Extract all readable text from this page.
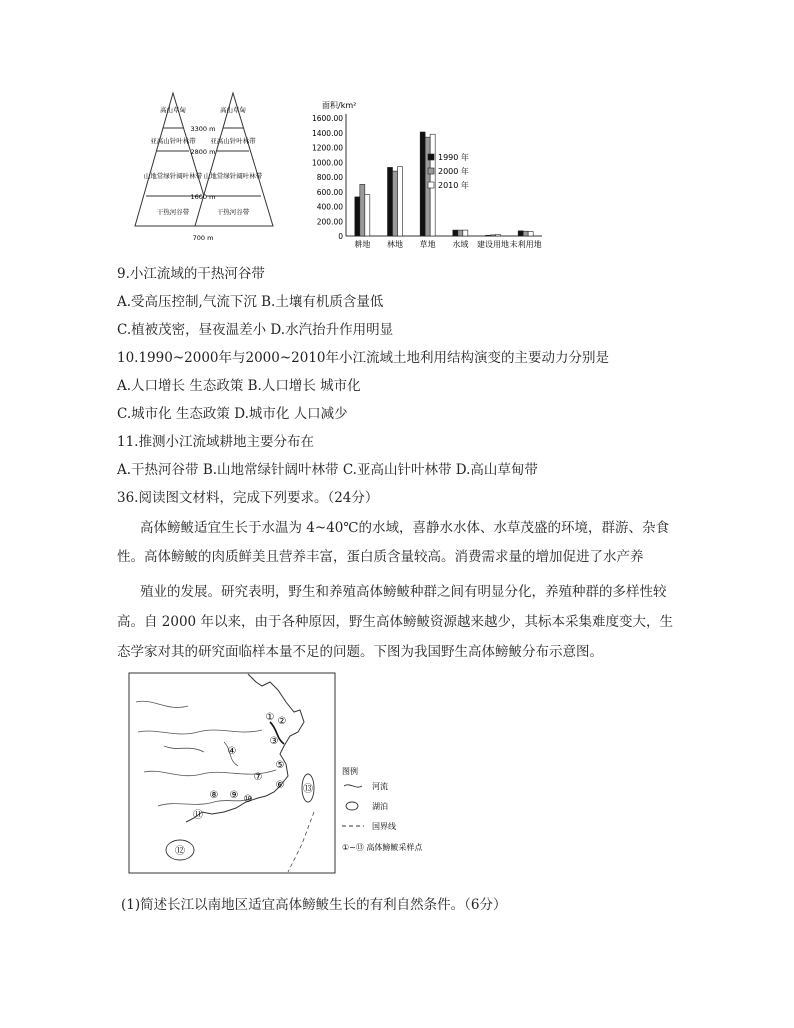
高山草甸
亚高山针叶林带
山地常绿针阔叶林带
干热河谷带
高山草甸
亚高山针叶林带
山地常绿针阔叶林带
干热河谷带
3300 m
2800 m
1600 m
700 m
面积/km²
0
200.00
400.00
600.00
800.00
1000.00
1200.00
1400.00
1600.00
耕地 林地 草地 水域 建设用地 未利用地
1990 年
2000 年
2010 年
9.小江流域的干热河谷带
A.受高压控制,气流下沉 B.土壤有机质含量低
C.植被茂密，昼夜温差小 D.水汽抬升作用明显
10.1990~2000年与2000~2010年小江流域土地利用结构演变的主要动力分别是
A.人口增长 生态政策 B.人口增长 城市化
C.城市化 生态政策 D.城市化 人口减少
11.推测小江流域耕地主要分布在
A.干热河谷带 B.山地常绿针阔叶林带 C.亚高山针叶林带 D.高山草甸带
36.阅读图文材料，完成下列要求。（24分）
高体鳑鲏适宜生长于水温为 4~40℃的水域，喜静水水体、水草茂盛的环境，群游、杂食
性。高体鳑鲏的肉质鲜美且营养丰富，蛋白质含量较高。消费需求量的增加促进了水产养
殖业的发展。研究表明，野生和养殖高体鳑鲏种群之间有明显分化，养殖种群的多样性较
高。自 2000 年以来，由于各种原因，野生高体鳑鲏资源越来越少，其标本采集难度变大，生
态学家对其的研究面临样本量不足的问题。下图为我国野生高体鳑鲏分布示意图。
① ②
③
④
⑤
⑥
⑦
⑧ ⑨ ⑩
⑪
⑫
⑬
图例
河流
湖泊
国界线
①~⑬ 高体鳑鲏采样点
(1)简述长江以南地区适宜高体鳑鲏生长的有利自然条件。（6分）
